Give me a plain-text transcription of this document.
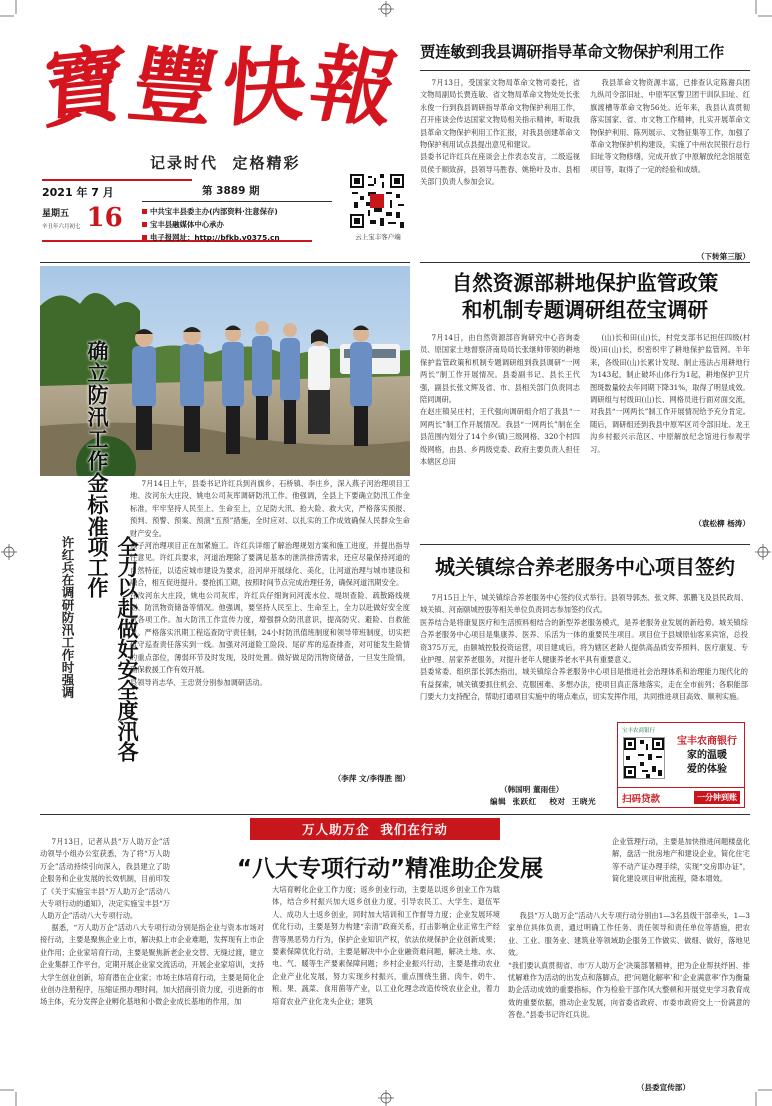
寶
豐
快
報
记录时代  定格精彩
2021 年 7 月
星期五
辛丑年六月初七 16
第 3889 期
中共宝丰县委主办(内部资料·注意保存)
宝丰县融媒体中心承办
电子报网址：http://bfkb.v0375.cn	云上宝丰客户端
贾连敏到我县调研指导革命文物保护利用工作
7月13日，受国家文物局革命文物司委托，省文物局副局长贾连敏、省文物局革命文物处处长张永俊一行到我县调研指导革命文物保护利用工作，召开座谈会传达国家文物局相关指示精神，听取我县革命文物保护利用工作汇报，对我县创建革命文物保护利用试点县提出意见和建议。
县委书记许红兵在座谈会上作表态发言，二级巡视员侯千顺致辞，县领导马胜春、姚艳叶及市、县相关部门负责人参加会议。
我县革命文物资源丰富，已排查认定陈谢兵团九纵司令部旧址、中原军区警卫团干训队旧址、红旗渡槽等革命文物56处。近年来，我县认真贯彻落实国家、省、市文物工作精神，扎实开展革命文物保护利用、陈列展示、文物征集等工作，加强了革命文物保护机构建设，实施了中州农民银行总行旧址等文物修缮，完成开放了中原解放纪念馆展览项目等，取得了一定的经验和成绩。
（下转第三版）
确立防汛工作金标准
全力以赴做好安全度汛各项工作
许红兵在调研防汛工作时强调
7月14日上午，县委书记许红兵到肖旗乡、石桥镇、李庄乡，深入燕子河治理项目工地、汝河东大庄段、姚电公司灰库调研防汛工作。他强调，全县上下要确立防汛工作金标准，牢牢坚持人民至上、生命至上，立足防大汛、抢大险、救大灾，严格落实预报、预判、预警、预案、预演“五预”措施，全时应对、以扎实的工作成效确保人民群众生命财产安全。
燕子河治理项目正在加紧施工。许红兵详细了解治理规划方案和施工进度，并提出指导性意见。许红兵要求，河道治理除了要满足基本的泄洪排涝需求，还应尽量保持河道的自然特征，以适应城市建设为要求，沿河岸开展绿化、美化，让河道治理与城市建设和融合，相互促进提升。要抢抓工期，按照时间节点完成治理任务，确保河道汛期安全。
在汝河东大庄段，姚电公司灰库，许红兵仔细询问河流水位、堤坝查险、疏散路线规划、防汛物资储备等情况。他强调，要坚持人民至上、生命至上，全力以赴做好安全度汛各项工作。加大防汛工作宣传力度，增强群众防汛意识，提高防灾、避险、自救能力。严格落实汛期工程巡查防守责任制，24小时防汛值班制度和领导带班制度，切实把值守巡查责任落实到一线。加强对河道险工险段、尾矿库的巡查排查，对可能发生险情的重点部位，薄弱环节及时发现，及时处置。做好做足防汛物资储备，一旦发生险情，确保救援工作有效开展。
县领导肖志华、王忠贤分别参加调研活动。
（李萍 文/李得胜 图）
自然资源部耕地保护监管政策
和机制专题调研组莅宝调研
7月14日，由自然资源部咨询研究中心咨询委员、原国家土地督察济南局局长张继帅带领的耕地保护监管政策和机制专题调研组到我县调研“一网两长”制工作开展情况。县委副书记、县长王代强，副县长张文辉及省、市、县相关部门负责同志陪同调研。
在赵庄镇吴庄村，王代强向调研组介绍了我县“一网两长”制工作开展情况。我县“一网两长”制在全县范围内划分了14个乡(镇)三级网格、320个村四级网格，由县、乡两级党委、政府主要负责人担任本辖区总田
(山)长和田(山)长，村党支部书记担任四级(村级)田(山)长，织密织牢了耕地保护监管网。半年来，各级田(山)长累计发现、制止违法占用耕地行为143起，制止破坏山体行为1起，耕地保护卫片图斑数量较去年同期下降31%，取得了明显成效。
调研组与村级田(山)长、网格员进行面对面交流，对我县“一网两长”制工作开展情况给予充分肯定。随后，调研组还到我县中原军区司令部旧址、龙王沟乡村振兴示范区、中原解放纪念馆进行参观学习。
（袁松柳 杨涛）
城关镇综合养老服务中心项目签约
7月15日上午，城关镇综合养老服务中心签约仪式举行。县领导郭杰、张文辉、郭鹏飞及县民政局、城关镇、河南颐城控股等相关单位负责同志参加签约仪式。
医养结合是将康复医疗和生活照料相结合的新型养老服务模式，是养老服务业发展的新趋势。城关镇综合养老服务中心项目是集康养、医养、乐活为一体的重要民生项目。项目位于县城原仙客来宾馆，总投资375万元，由颐城控股投资运营，项目建成后，将为辖区老龄人提供高品质安养照料、医疗康复、专业护理、居家养老服务，对提升老年人健康养老水平具有重要意义。
县委常委、组织部长郭杰指出，城关镇综合养老服务中心项目是推进社会治理体系和治理能力现代化的有益探索，城关镇要抓住机会、克服困难、多想办法，使项目真正落地落实，走在全市前列；各职能部门要大力支持配合，帮助打通项目实施中的堵点难点，切实发挥作用，共同推进项目高效、顺利实施。
（韩国明 董雨佳）
编辑  张跃红    校对  王晓光
宝丰农商银行
宝丰农商银行
家的温暖
爱的体验
扫码贷款	一分钟到账
万人助万企  我们在行动
7月13日，记者从县“万人助万企”活动领导小组办公室获悉，为了将“万人助万企”活动持续引向深入，我县建立了助企服务和企业发展的长效机制，目前印发了《关于实施宝丰县“万人助万企”活动八大专项行动的通知》，决定实施宝丰县“万人助万企”活动八大专项行动。
“八大专项行动”精准助企发展
企业管理行动，主要是加快推进问题楼盘化解，盘活一批房地产和建设企业，简化住宅等不动产证办理手续，实现“交房即办证”，简化建设项目审批流程，降本增效。
据悉，“万人助万企”活动八大专项行动分别是指企业与资本市场对接行动，主要是聚焦企业上市，解决拟上市企业难题，发挥现有上市企业作用；企业家培育行动，主要是聚焦新老企业交替、无缝过渡，建立企业集群工作平台，定期开展企业家交流活动，开展企业家培训，支持大学生创业创新，培育潜在企业家；市场主体培育行动，主要是简化企业创办注册程序，压缩证照办理时间，加大招商引资力度，引进新的市场主体，充分发挥企业孵化基地和小微企业成长基地的作用，加
大培育孵化企业工作力度；返乡创业行动，主要是以返乡创业工作为载体，结合乡村振兴加大返乡创业力度，引导农民工、大学生、退伍军人、成功人士返乡创业，同时加大培训和工作督导力度；企业发展环境优化行动，主要是努力构建“亲清”政商关系，打击影响企业正常生产经营等黑恶势力行为，保护企业知识产权，依法依规保护企业创新成果；要素保障优化行动，主要是解决中小企业融资难问题，解决土地、水、电、气、暖等生产要素保障问题；乡村企业振兴行动，主要是推动农业企业产业化发展，努力实现乡村振兴，重点围绕生猪、肉牛、奶牛、粮、果、蔬菜、食用菌等产业，以工业化理念改造传统农业企业，着力培育农业产业化龙头企业；建筑
我县“万人助万企”活动八大专项行动分别由1—3名县级干部牵头，1—3家单位具体负责，通过明确工作任务、责任领导和责任单位等措施，把农业、工业、服务业、建筑业等领域助企服务工作做实、做细、做好，落地见效。
“我们要认真贯彻省、市‘万人助万企’决策部署精神，把为企业帮扶纾困、排忧解难作为活动的出发点和落脚点，把‘问题化解率’和‘企业满意率’作为衡量助企活动成效的重要指标，作为检验干部作风大整顿和开展党史学习教育成效的重要依据，推动企业发展，向省委省政府、市委市政府交上一份满意的答卷。”县委书记许红兵说。
（县委宣传部）
